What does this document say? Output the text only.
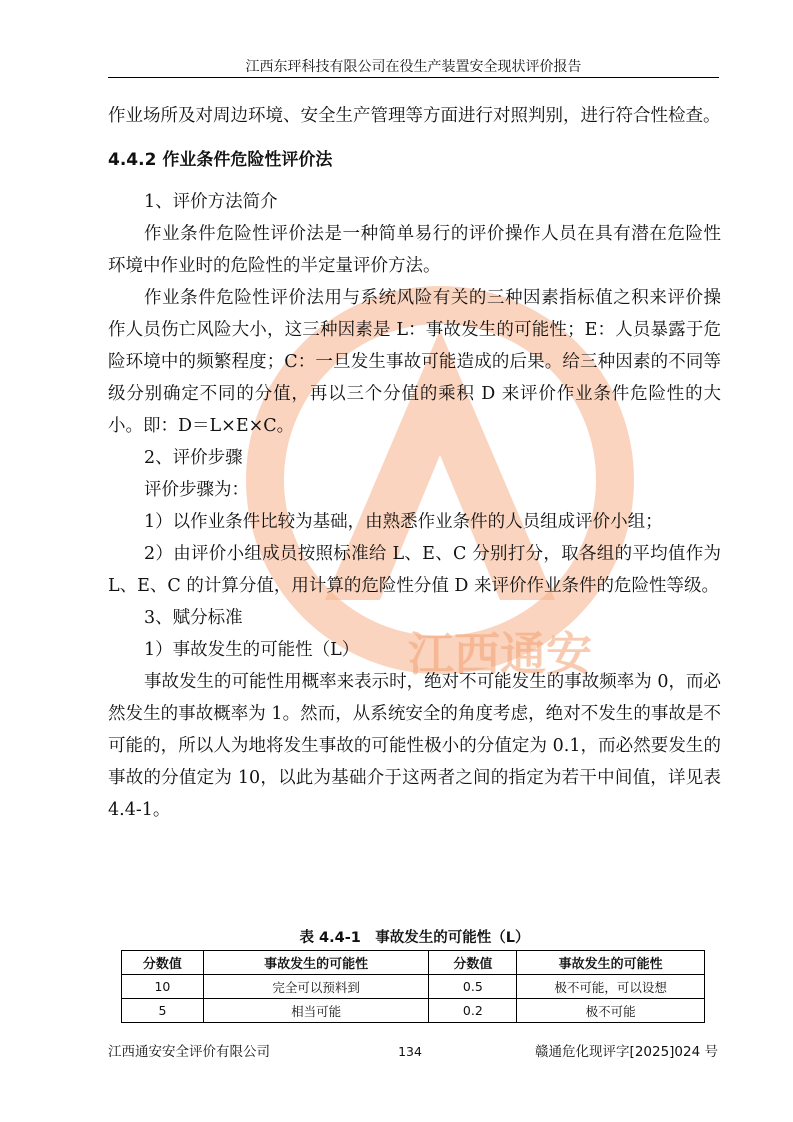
江西东玶科技有限公司在役生产装置安全现状评价报告
江西通安

作业场所及对周边环境、安全生产管理等方面进行对照判别，进行符合性检查。

4.4.2 作业条件危险性评价法

1、评价方法简介

作业条件危险性评价法是一种简单易行的评价操作人员在具有潜在危险性环境中作业时的危险性的半定量评价方法。

作业条件危险性评价法用与系统风险有关的三种因素指标值之积来评价操作人员伤亡风险大小，这三种因素是 L：事故发生的可能性；E：人员暴露于危险环境中的频繁程度；C：一旦发生事故可能造成的后果。给三种因素的不同等级分别确定不同的分值，再以三个分值的乘积 D 来评价作业条件危险性的大小。即：D＝L×E×C。

2、评价步骤

评价步骤为：

1）以作业条件比较为基础，由熟悉作业条件的人员组成评价小组；

2）由评价小组成员按照标准给 L、E、C 分别打分，取各组的平均值作为 L、E、C 的计算分值，用计算的危险性分值 D 来评价作业条件的危险性等级。

3、赋分标准

1）事故发生的可能性（L）

事故发生的可能性用概率来表示时，绝对不可能发生的事故频率为 0，而必然发生的事故概率为 1。然而，从系统安全的角度考虑，绝对不发生的事故是不可能的，所以人为地将发生事故的可能性极小的分值定为 0.1，而必然要发生的事故的分值定为 10，以此为基础介于这两者之间的指定为若干中间值，详见表 4.4-1。

表 4.4-1　事故发生的可能性（L）
分数值	事故发生的可能性	分数值	事故发生的可能性
10	完全可以预料到	0.5	极不可能，可以设想
5	相当可能	0.2	极不可能
江西通安安全评价有限公司	134	赣通危化现评字[2025]024 号
